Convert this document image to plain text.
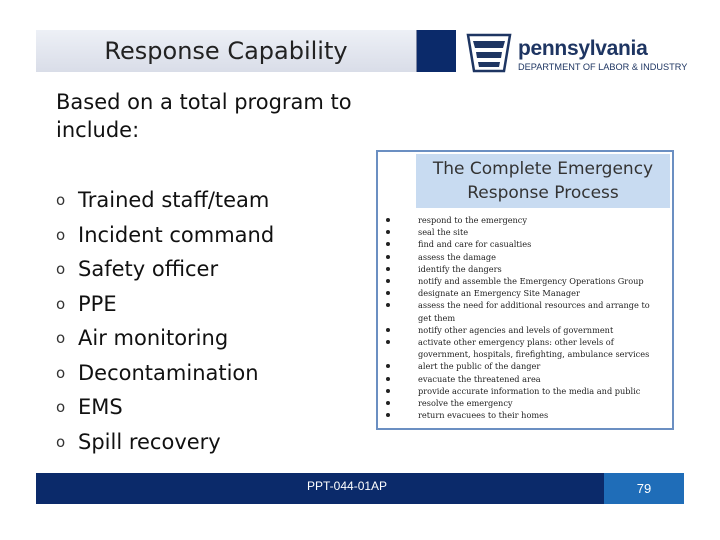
Response Capability	pennsylvania
DEPARTMENT OF LABOR & INDUSTRY
Based on a total program to include:
o Trained staff/team
o Incident command
o Safety officer
o PPE
o Air monitoring
o Decontamination
o EMS
o Spill recovery
The Complete Emergency
Response Process
respond to the emergency
seal the site
find and care for casualties
assess the damage
identify the dangers
notify and assemble the Emergency Operations Group
designate an Emergency Site Manager
assess the need for additional resources and arrange to
get them
notify other agencies and levels of government
activate other emergency plans: other levels of
government, hospitals, firefighting, ambulance services
alert the public of the danger
evacuate the threatened area
provide accurate information to the media and public
resolve the emergency
return evacuees to their homes
PPT-044-01AP	79
